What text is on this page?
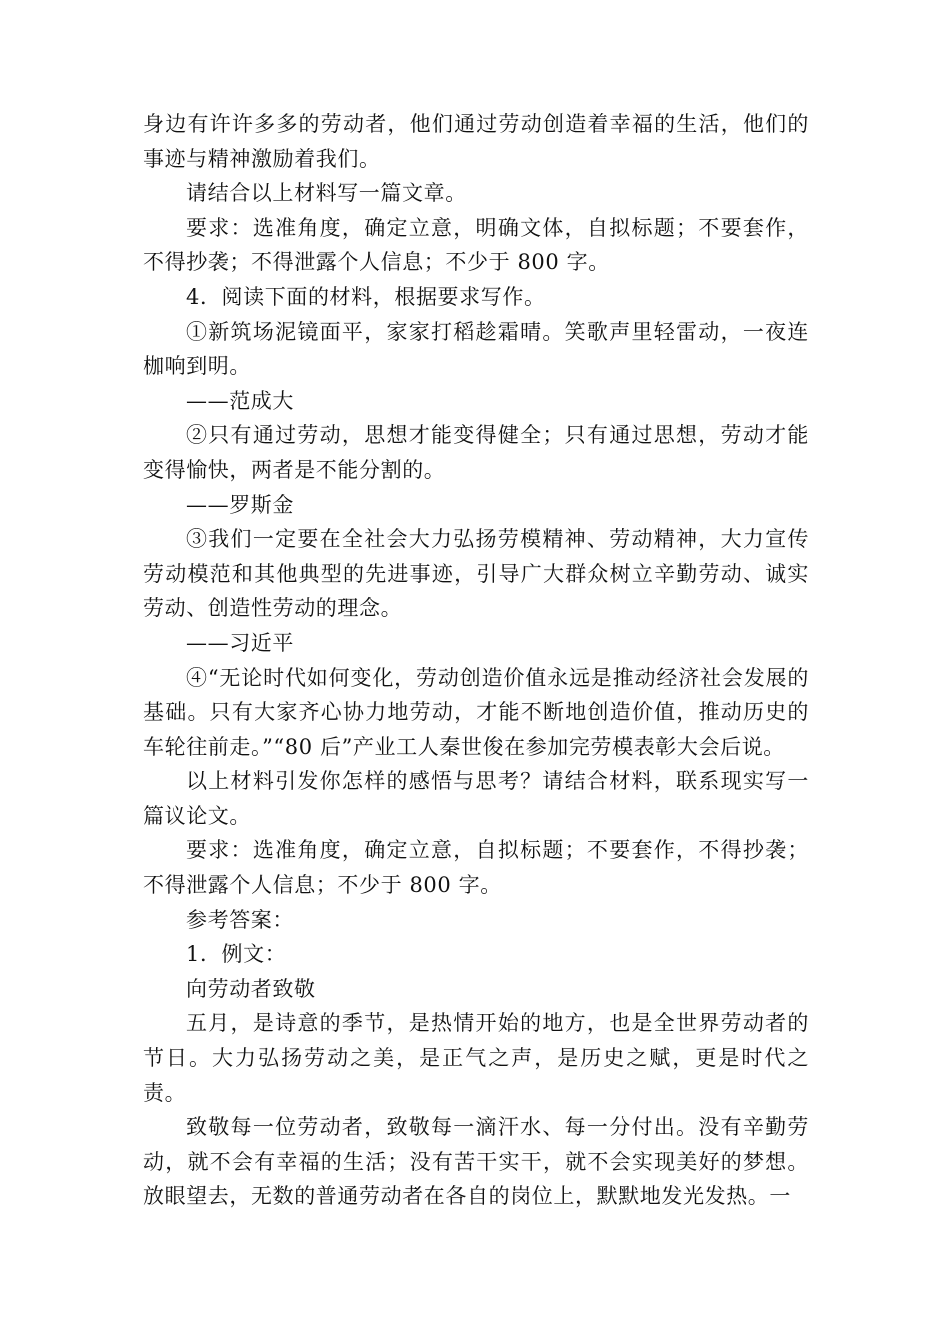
身边有许许多多的劳动者，他们通过劳动创造着幸福的生活，他们的事迹与精神激励着我们。

请结合以上材料写一篇文章。

要求：选准角度，确定立意，明确文体，自拟标题；不要套作，不得抄袭；不得泄露个人信息；不少于 800 字。

4．阅读下面的材料，根据要求写作。

①新筑场泥镜面平，家家打稻趁霜晴。笑歌声里轻雷动，一夜连枷响到明。

——范成大

②只有通过劳动，思想才能变得健全；只有通过思想，劳动才能变得愉快，两者是不能分割的。

——罗斯金

③我们一定要在全社会大力弘扬劳模精神、劳动精神，大力宣传劳动模范和其他典型的先进事迹，引导广大群众树立辛勤劳动、诚实劳动、创造性劳动的理念。

——习近平

④“无论时代如何变化，劳动创造价值永远是推动经济社会发展的基础。只有大家齐心协力地劳动，才能不断地创造价值，推动历史的车轮往前走。”“80 后”产业工人秦世俊在参加完劳模表彰大会后说。

以上材料引发你怎样的感悟与思考？请结合材料，联系现实写一篇议论文。

要求：选准角度，确定立意，自拟标题；不要套作，不得抄袭；不得泄露个人信息；不少于 800 字。

参考答案：

1．例文：

向劳动者致敬

五月，是诗意的季节，是热情开始的地方，也是全世界劳动者的节日。大力弘扬劳动之美，是正气之声，是历史之赋，更是时代之责。

致敬每一位劳动者，致敬每一滴汗水、每一分付出。没有辛勤劳动，就不会有幸福的生活；没有苦干实干，就不会实现美好的梦想。放眼望去，无数的普通劳动者在各自的岗位上，默默地发光发热。一
